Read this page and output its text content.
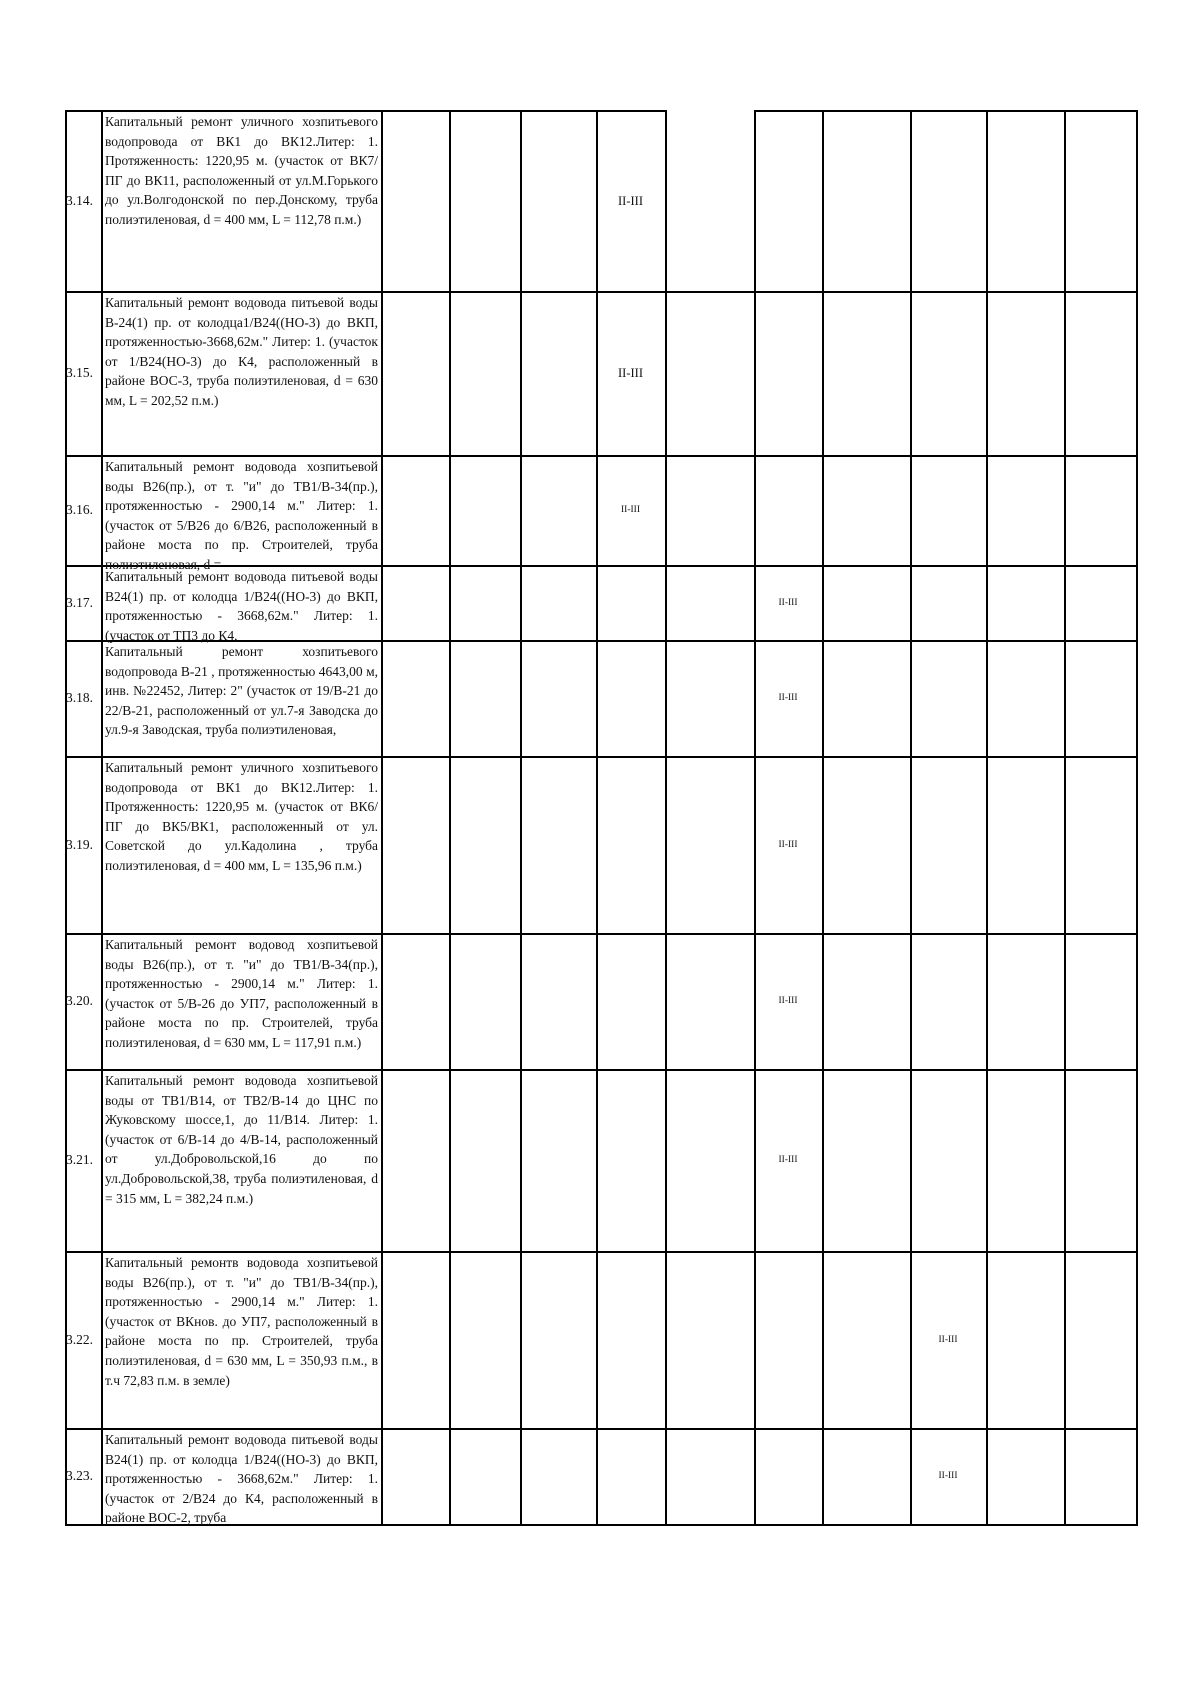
3.14.
Капитальный ремонт уличного хозпитьевого водопровода от ВК1 до ВК12.Литер: 1. Протяженность: 1220,95 м. (участок от ВК7/ПГ до ВК11, расположенный от ул.М.Горького до ул.Волгодонской по пер.Донскому, труба полиэтиленовая, d = 400 мм, L = 112,78 п.м.)
II-III
3.15.
Капитальный ремонт водовода питьевой воды В-24(1) пр. от колодца1/В24((НО-3) до ВКП, протяженностью-3668,62м." Литер: 1. (участок от 1/В24(НО-3) до К4, расположенный в районе ВОС-3, труба полиэтиленовая, d = 630 мм, L = 202,52 п.м.)
II-III
3.16.
Капитальный ремонт водовода хозпитьевой воды В26(пр.), от т. "и" до ТВ1/В-34(пр.), протяженностью - 2900,14 м." Литер: 1. (участок от 5/В26 до 6/В26, расположенный в районе моста по пр. Строителей, труба полиэтиленовая, d =
II-III
3.17.
Капитальный ремонт водовода питьевой воды В24(1) пр. от колодца 1/В24((НО-3) до ВКП, протяженностью - 3668,62м." Литер: 1. (участок от ТП3 до К4,
II-III
3.18.
Капитальный ремонт хозпитьевого водопровода В-21 , протяженностью 4643,00 м, инв. №22452, Литер: 2" (участок от 19/В-21 до 22/В-21, расположенный от ул.7-я Заводска до ул.9-я Заводская, труба полиэтиленовая,
II-III
3.19.
Капитальный ремонт уличного хозпитьевого водопровода от ВК1 до ВК12.Литер: 1. Протяженность: 1220,95 м. (участок от ВК6/ПГ до ВК5/ВК1, расположенный от ул. Советской до ул.Кадолина , труба полиэтиленовая, d = 400 мм, L = 135,96 п.м.)
II-III
3.20.
Капитальный ремонт водовод хозпитьевой воды В26(пр.), от т. "и" до ТВ1/В-34(пр.), протяженностью - 2900,14 м." Литер: 1. (участок от 5/В-26 до УП7, расположенный в районе моста по пр. Строителей, труба полиэтиленовая, d = 630 мм, L = 117,91 п.м.)
II-III
3.21.
Капитальный ремонт водовода хозпитьевой воды от ТВ1/В14, от ТВ2/В-14 до ЦНС по Жуковскому шоссе,1, до 11/В14. Литер: 1. (участок от 6/В-14 до 4/В-14, расположенный от ул.Добровольской,16 до по ул.Добровольской,38, труба полиэтиленовая, d = 315 мм, L = 382,24 п.м.)
II-III
3.22.
Капитальный ремонтв водовода хозпитьевой воды В26(пр.), от т. "и" до ТВ1/В-34(пр.), протяженностью - 2900,14 м." Литер: 1. (участок от ВКнов. до УП7, расположенный в районе моста по пр. Строителей, труба полиэтиленовая, d = 630 мм, L = 350,93 п.м., в т.ч 72,83 п.м. в земле)
II-III
3.23.
Капитальный ремонт водовода питьевой воды В24(1) пр. от колодца 1/В24((НО-3) до ВКП, протяженностью - 3668,62м." Литер: 1. (участок от 2/В24 до К4, расположенный в районе ВОС-2, труба
II-III
